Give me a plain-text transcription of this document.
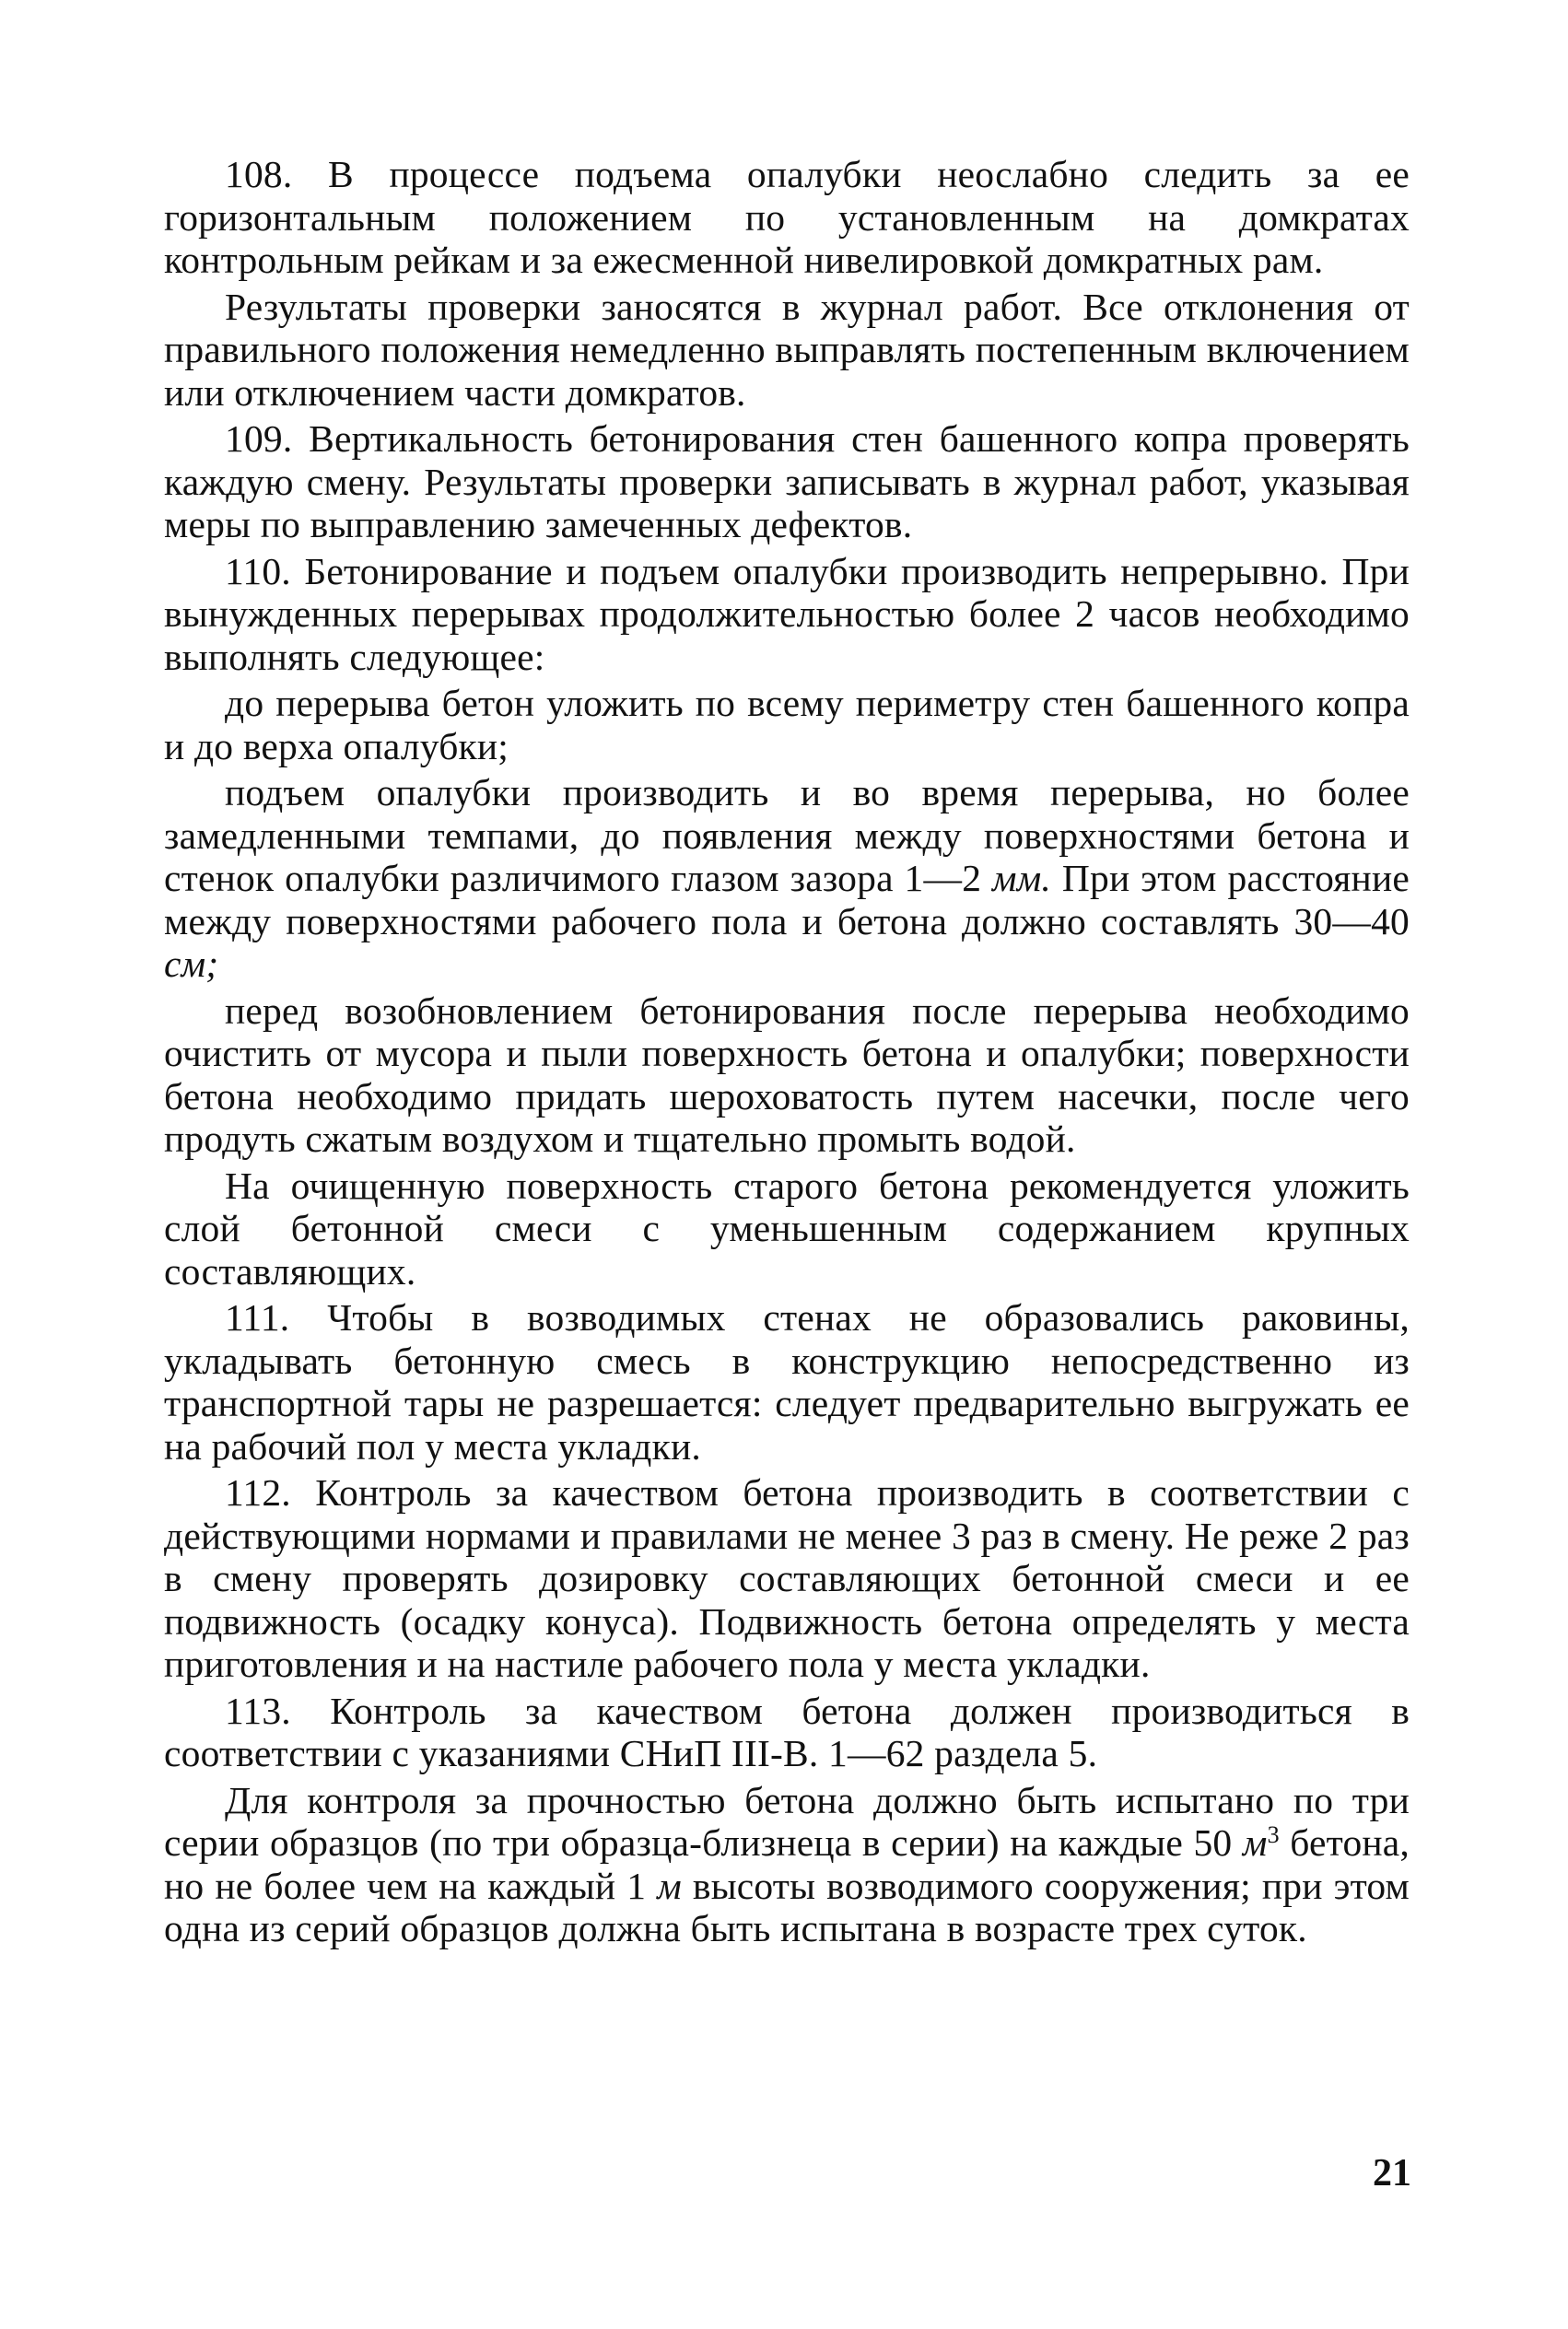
108. В процессе подъема опалубки неослабно следить за ее горизонтальным положением по установленным на домкратах контрольным рейкам и за ежесменной нивелировкой домкратных рам.

Результаты проверки заносятся в журнал работ. Все отклонения от правильного положения немедленно выправлять постепенным включением или отключением части домкратов.

109. Вертикальность бетонирования стен башенного копра проверять каждую смену. Результаты проверки записывать в журнал работ, указывая меры по выправлению замеченных дефектов.

110. Бетонирование и подъем опалубки производить непрерывно. При вынужденных перерывах продолжительностью более 2 часов необходимо выполнять следующее:

до перерыва бетон уложить по всему периметру стен башенного копра и до верха опалубки;

подъем опалубки производить и во время перерыва, но более замедленными темпами, до появления между поверхностями бетона и стенок опалубки различимого глазом зазора 1—2 мм. При этом расстояние между поверхностями рабочего пола и бетона должно составлять 30—40 см;

перед возобновлением бетонирования после перерыва необходимо очистить от мусора и пыли поверхность бетона и опалубки; поверхности бетона необходимо придать шероховатость путем насечки, после чего продуть сжатым воздухом и тщательно промыть водой.

На очищенную поверхность старого бетона рекомендуется уложить слой бетонной смеси с уменьшенным содержанием крупных составляющих.

111. Чтобы в возводимых стенах не образовались раковины, укладывать бетонную смесь в конструкцию непосредственно из транспортной тары не разрешается: следует предварительно выгружать ее на рабочий пол у места укладки.

112. Контроль за качеством бетона производить в соответствии с действующими нормами и правилами не менее 3 раз в смену. Не реже 2 раз в смену проверять дозировку составляющих бетонной смеси и ее подвижность (осадку конуса). Подвижность бетона определять у места приготовления и на настиле рабочего пола у места укладки.

113. Контроль за качеством бетона должен производиться в соответствии с указаниями СНиП III-В. 1—62 раздела 5.

Для контроля за прочностью бетона должно быть испытано по три серии образцов (по три образца-близнеца в серии) на каждые 50 $м^3$ бетона, но не более чем на каждый 1 м высоты возводимого сооружения; при этом одна из серий образцов должна быть испытана в возрасте трех суток.

21
